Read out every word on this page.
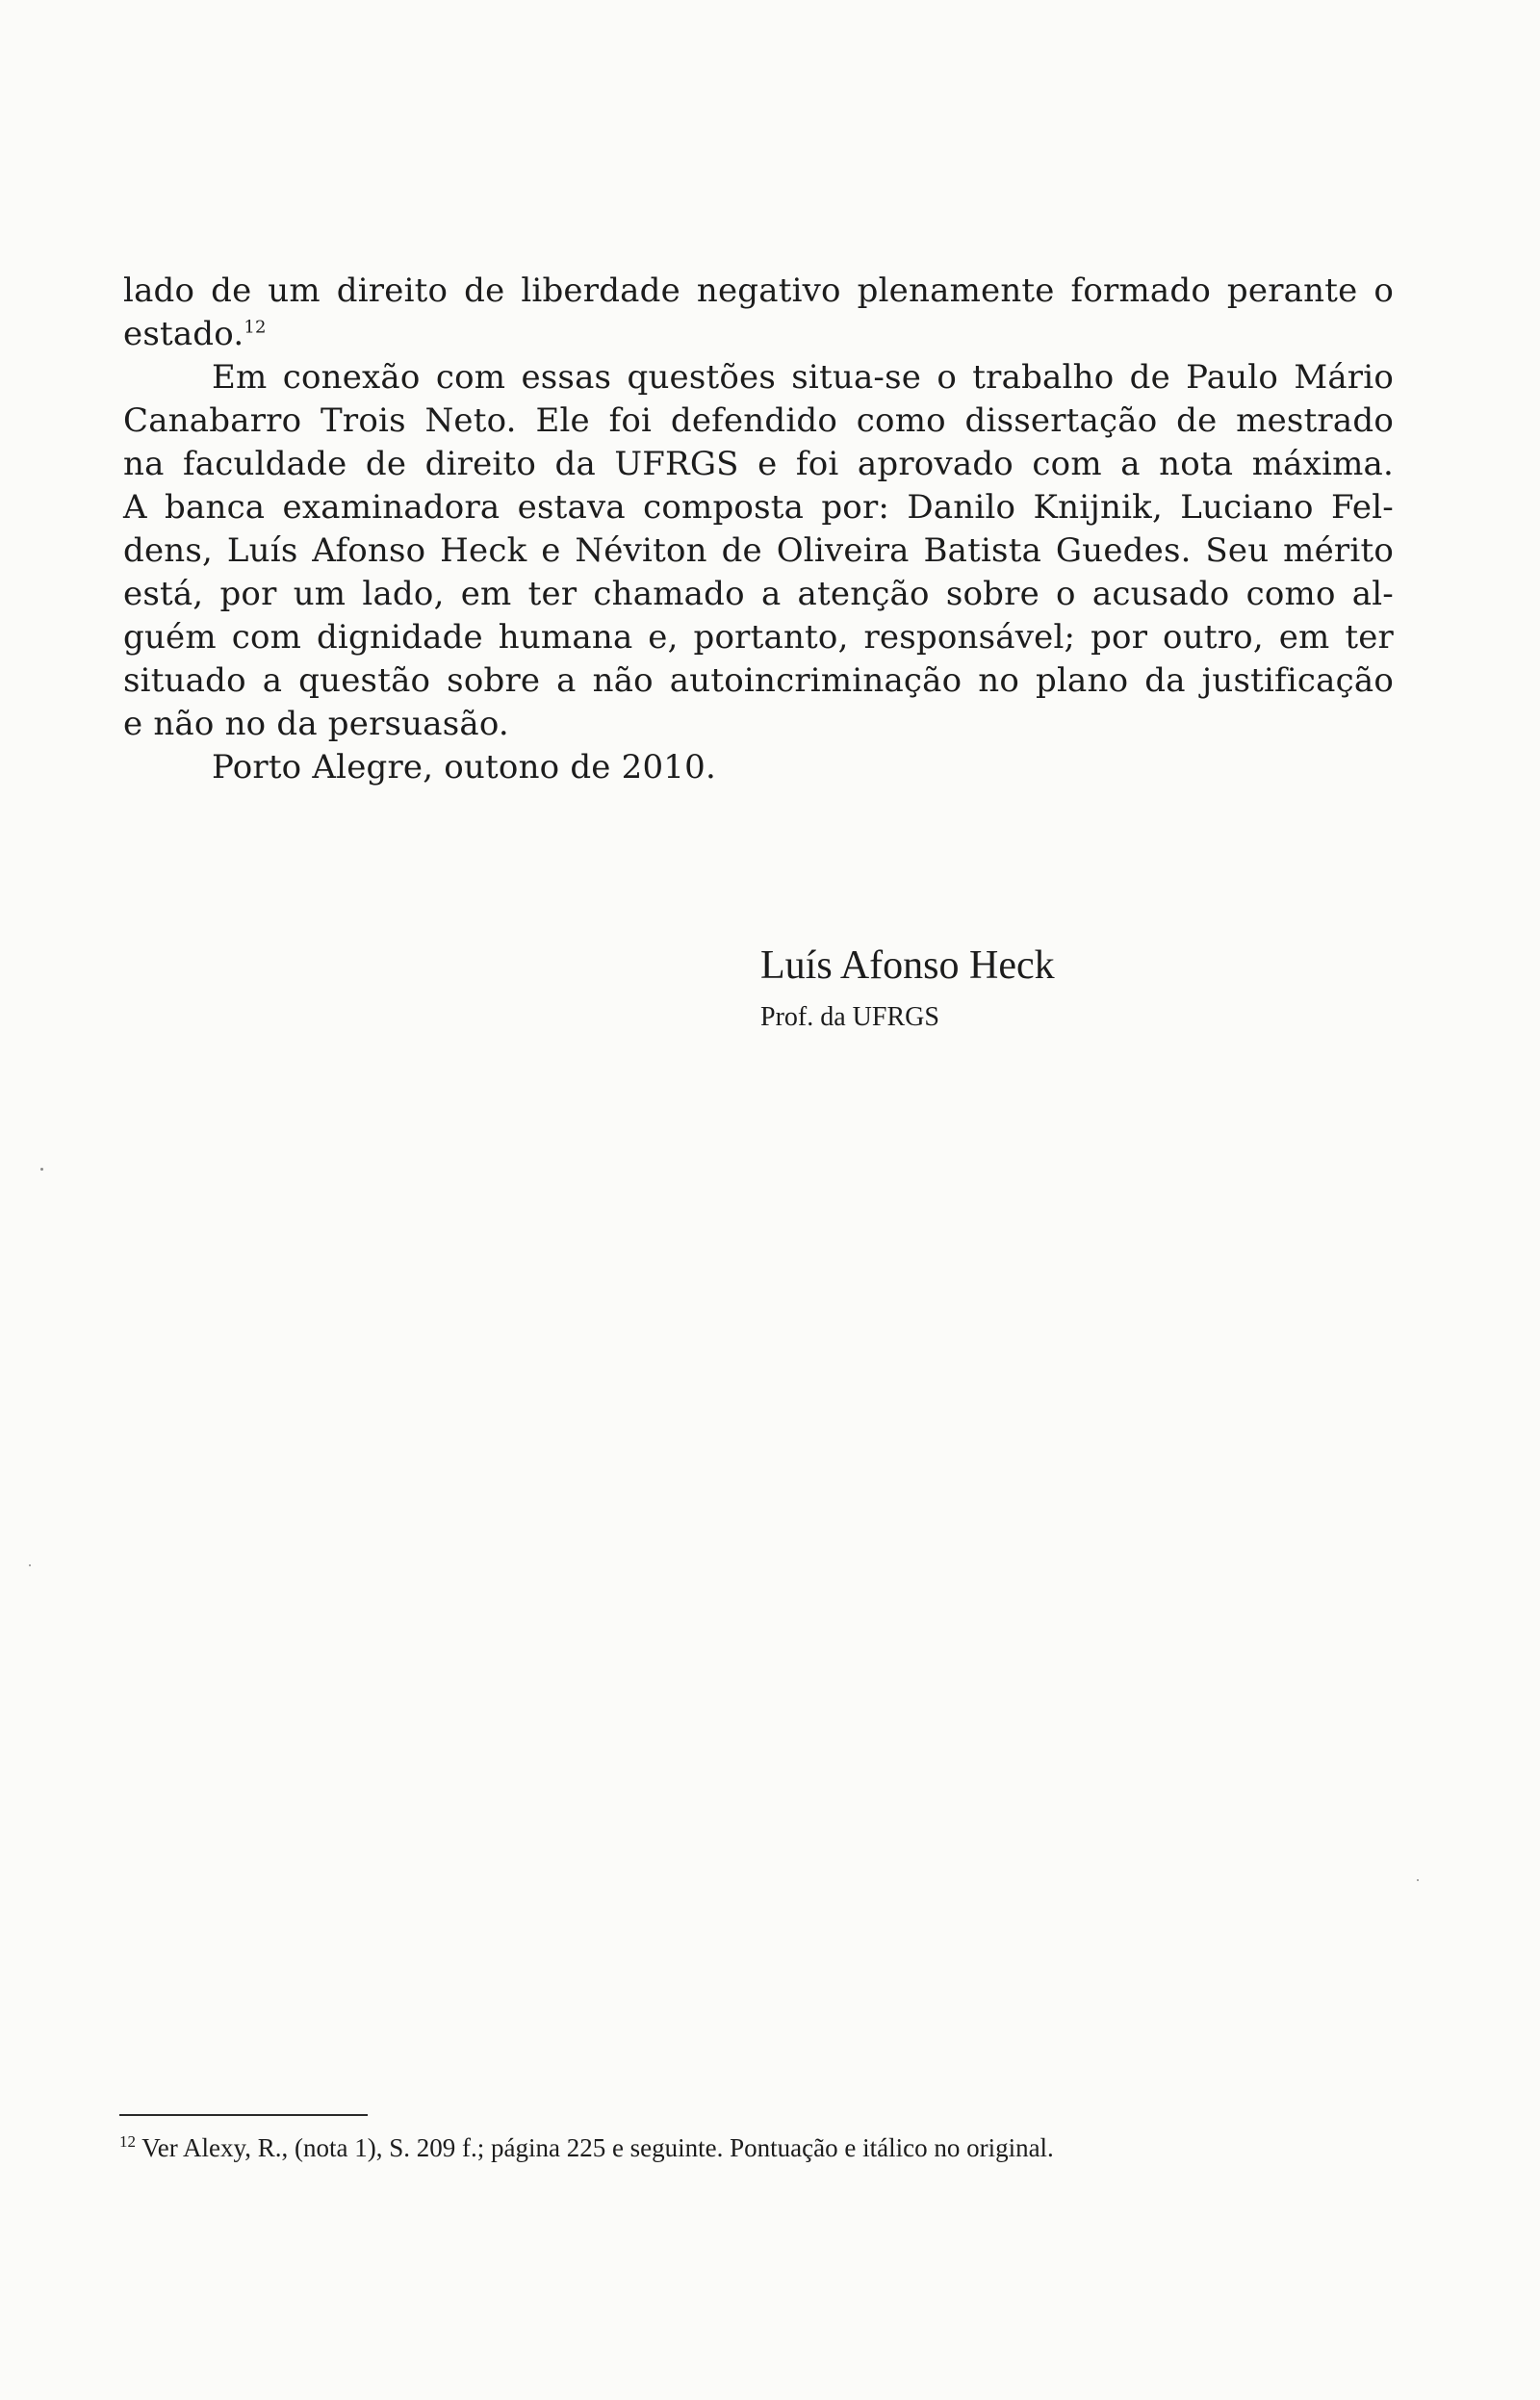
lado de um direito de liberdade negativo plenamente formado perante o
estado.$^{12}$
Em conexão com essas questões situa-se o trabalho de Paulo Mário
Canabarro Trois Neto. Ele foi defendido como dissertação de mestrado
na faculdade de direito da UFRGS e foi aprovado com a nota máxima.
A banca examinadora estava composta por: Danilo Knijnik, Luciano Fel-
dens, Luís Afonso Heck e Néviton de Oliveira Batista Guedes. Seu mérito
está, por um lado, em ter chamado a atenção sobre o acusado como al-
guém com dignidade humana e, portanto, responsável; por outro, em ter
situado a questão sobre a não autoincriminação no plano da justificação
e não no da persuasão.
Porto Alegre, outono de 2010.
Luís Afonso Heck
Prof. da UFRGS
$^{12}$ Ver Alexy, R., (nota 1), S. 209 f.; página 225 e seguinte. Pontuação e itálico no original.
